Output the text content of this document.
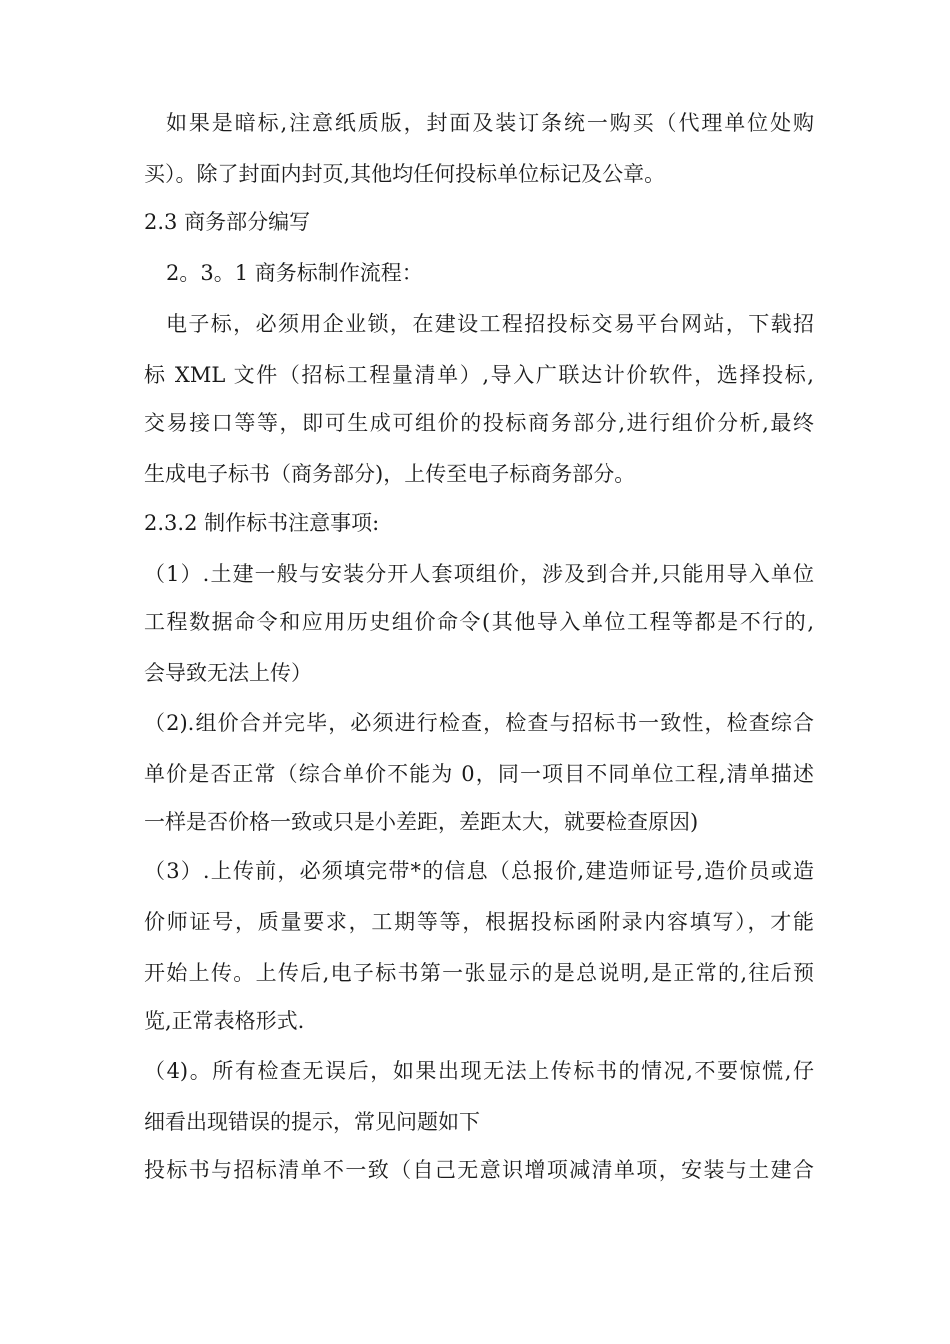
如果是暗标,注意纸质版，封面及装订条统一购买（代理单位处购
买）。除了封面内封页,其他均任何投标单位标记及公章。
2.3 商务部分编写
2。3。1 商务标制作流程：
电子标，必须用企业锁，在建设工程招投标交易平台网站，下载招
标 XML 文件（招标工程量清单）,导入广联达计价软件，选择投标,
交易接口等等，即可生成可组价的投标商务部分,进行组价分析,最终
生成电子标书（商务部分)，上传至电子标商务部分。
2.3.2 制作标书注意事项:
（1）.土建一般与安装分开人套项组价，涉及到合并,只能用导入单位
工程数据命令和应用历史组价命令(其他导入单位工程等都是不行的,
会导致无法上传）
（2).组价合并完毕，必须进行检查，检查与招标书一致性，检查综合
单价是否正常（综合单价不能为 0，同一项目不同单位工程,清单描述
一样是否价格一致或只是小差距，差距太大，就要检查原因)
（3）.上传前，必须填完带*的信息（总报价,建造师证号,造价员或造
价师证号，质量要求，工期等等，根据投标函附录内容填写），才能
开始上传。上传后,电子标书第一张显示的是总说明,是正常的,往后预
览,正常表格形式.
（4)。所有检查无误后，如果出现无法上传标书的情况,不要惊慌,仔
细看出现错误的提示，常见问题如下
投标书与招标清单不一致（自己无意识增项减清单项，安装与土建合
